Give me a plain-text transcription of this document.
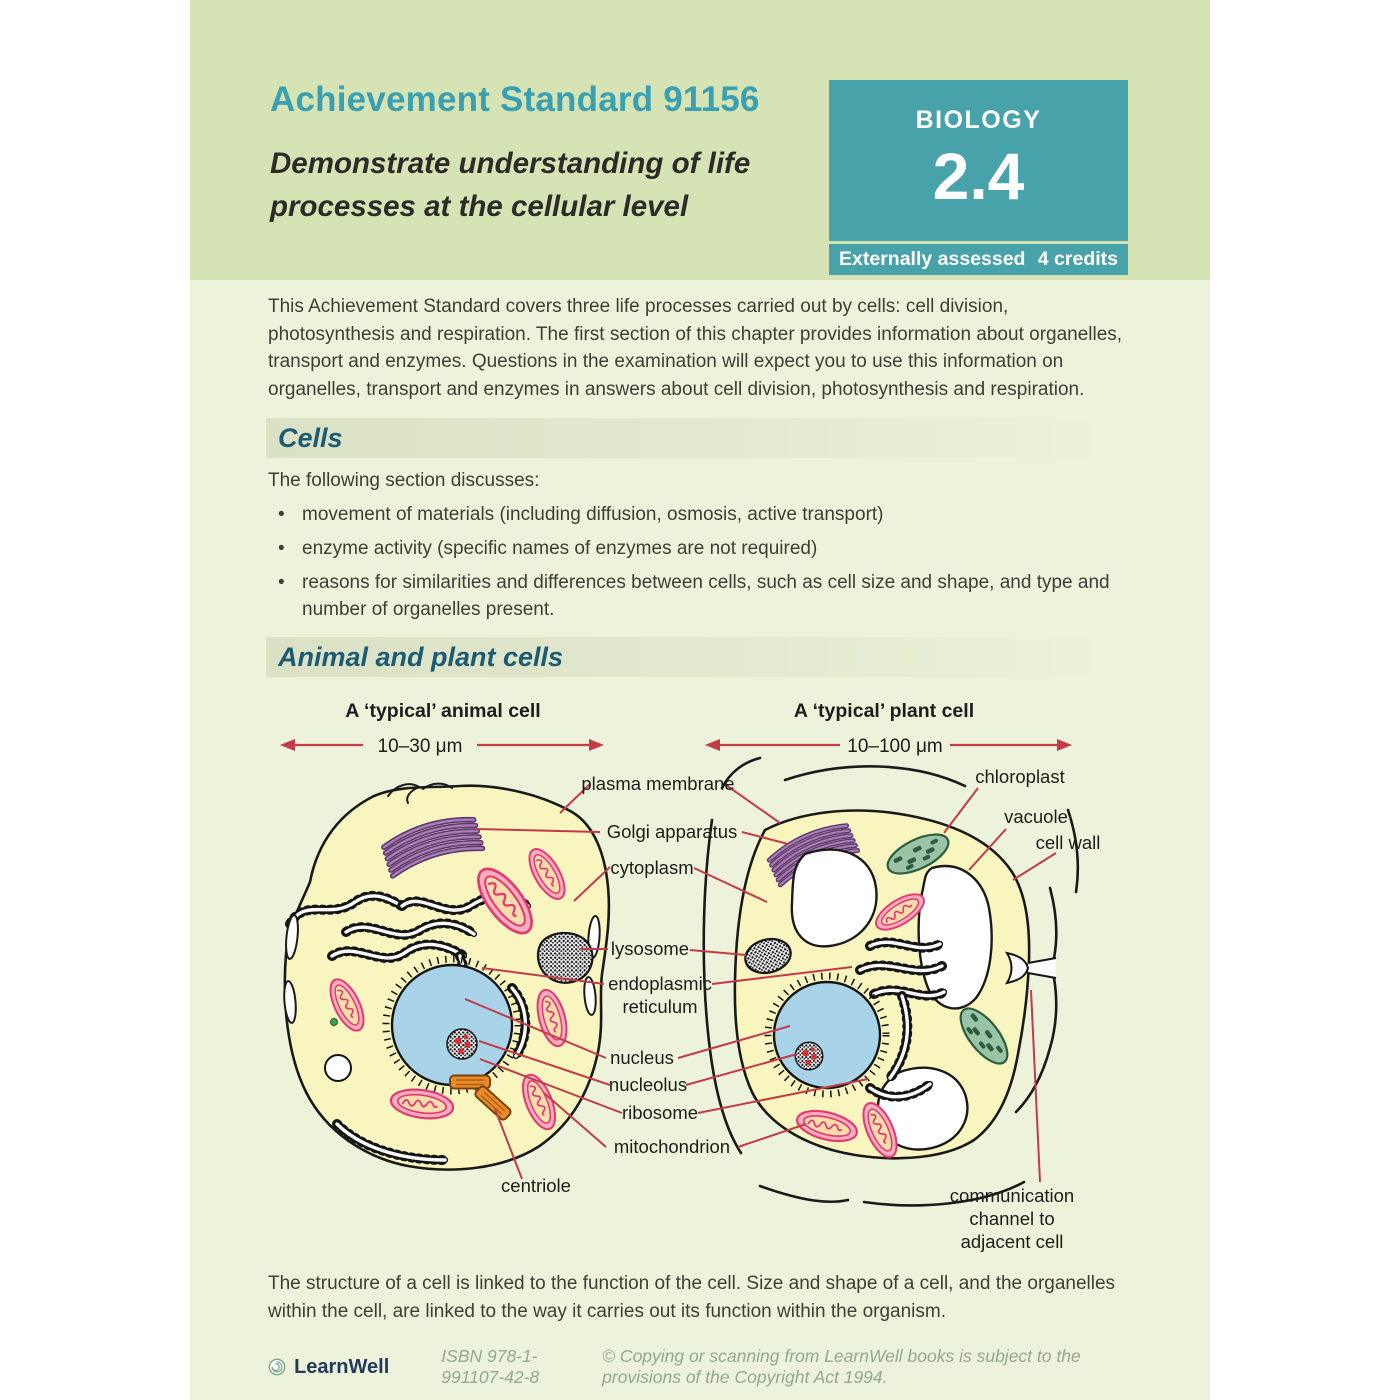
Achievement Standard 91156
Demonstrate understanding of life
processes at the cellular level
BIOLOGY
2.4
Externally assessed 4 credits

This Achievement Standard covers three life processes carried out by cells: cell division, photosynthesis and respiration. The first section of this chapter provides information about organelles, transport and enzymes. Questions in the examination will expect you to use this information on organelles, transport and enzymes in answers about cell division, photosynthesis and respiration.

Cells

The following section discusses:

• movement of materials (including diffusion, osmosis, active transport)
• enzyme activity (specific names of enzymes are not required)
• reasons for similarities and differences between cells, such as cell size and shape, and type and number of organelles present.
Animal and plant cells
A ‘typical’ animal cell	A ‘typical’ plant cell
10–30 μm	10–100 μm
plasma membrane
Golgi apparatus
cytoplasm
lysosome
endoplasmic
reticulum
nucleus
nucleolus
ribosome
mitochondrion
centriole
chloroplast
vacuole
cell wall
communication
channel to
adjacent cell

The structure of a cell is linked to the function of the cell. Size and shape of a cell, and the organelles within the cell, are linked to the way it carries out its function within the organism.

LearnWell	ISBN 978-1-991107-42-8
© Copying or scanning from LearnWell books is subject to the provisions of the Copyright Act 1994.
